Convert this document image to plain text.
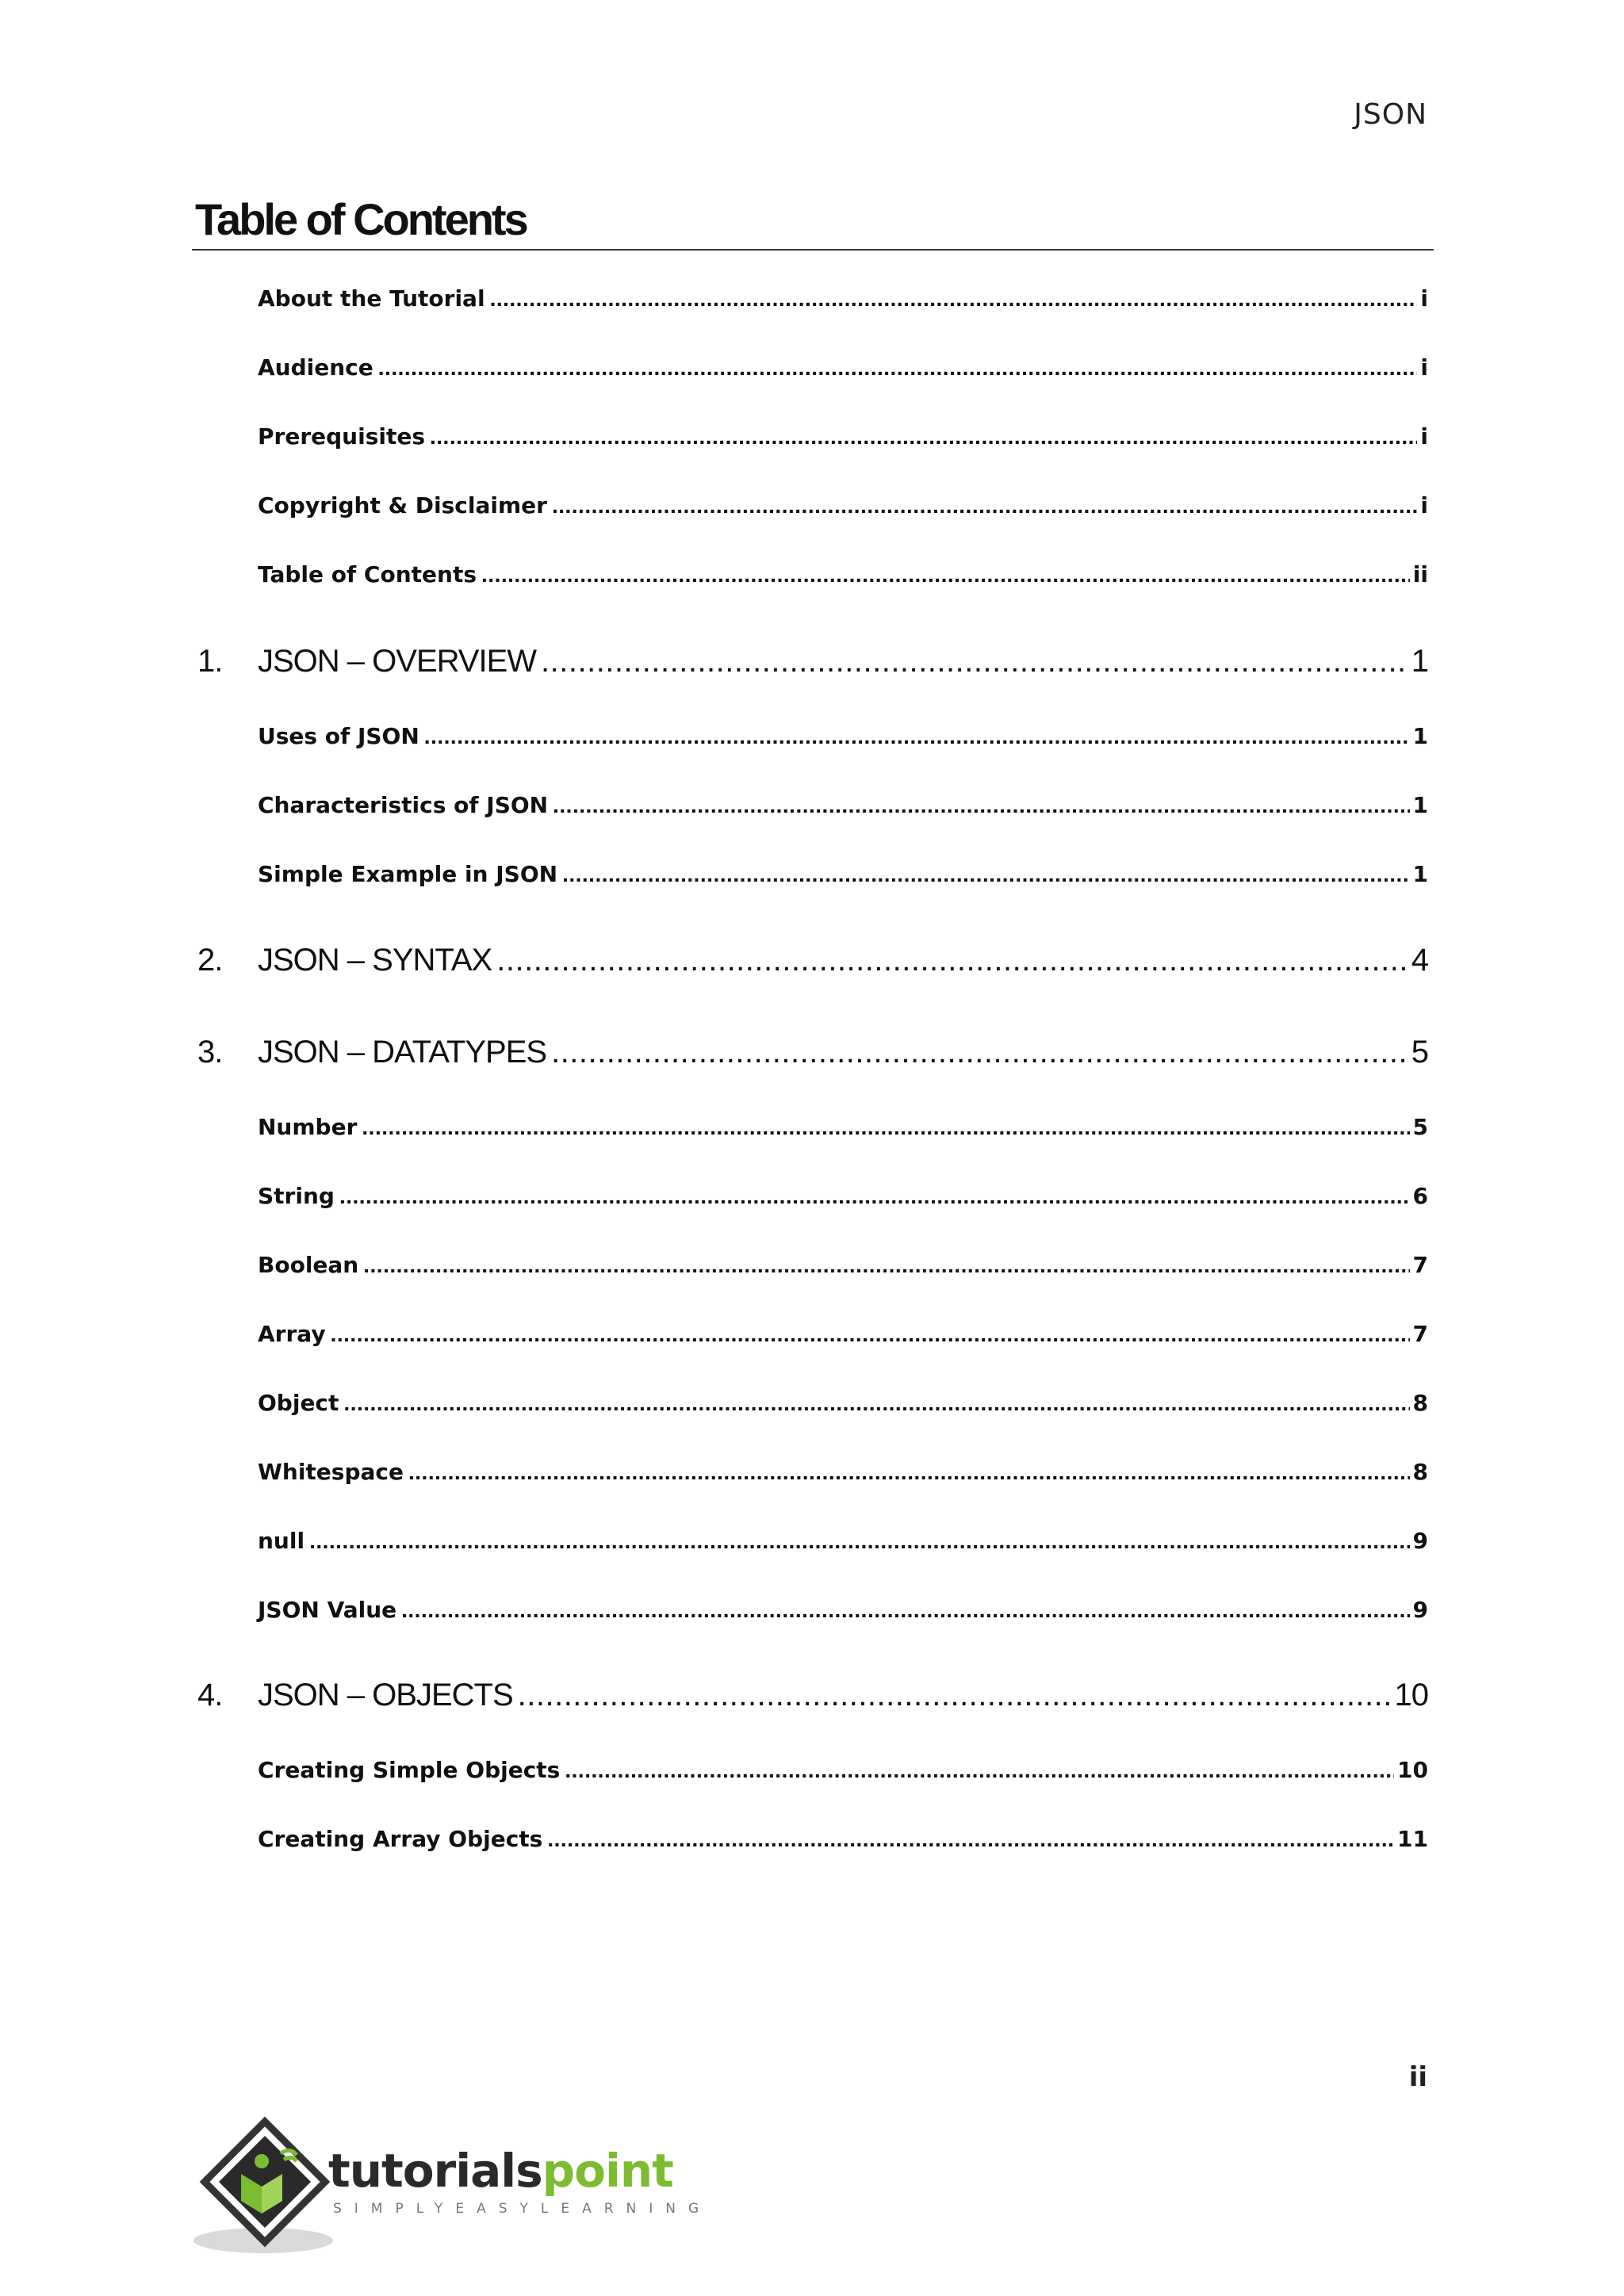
JSON
Table of Contents
About the Tutorial .....	i
Audience .....	i
Prerequisites .....	i
Copyright & Disclaimer .....	i
Table of Contents .....	ii
1. JSON – OVERVIEW .....	1
Uses of JSON .....	1
Characteristics of JSON .....	1
Simple Example in JSON .....	1
2. JSON – SYNTAX .....	4
3. JSON – DATATYPES .....	5
Number .....	5
String .....	6
Boolean .....	7
Array .....	7
Object .....	8
Whitespace .....	8
null .....	9
JSON Value .....	9
4. JSON – OBJECTS .....	10
Creating Simple Objects .....	10
Creating Array Objects .....	11
ii
tutorialspoint
SIMPLYEASYLEARNING
